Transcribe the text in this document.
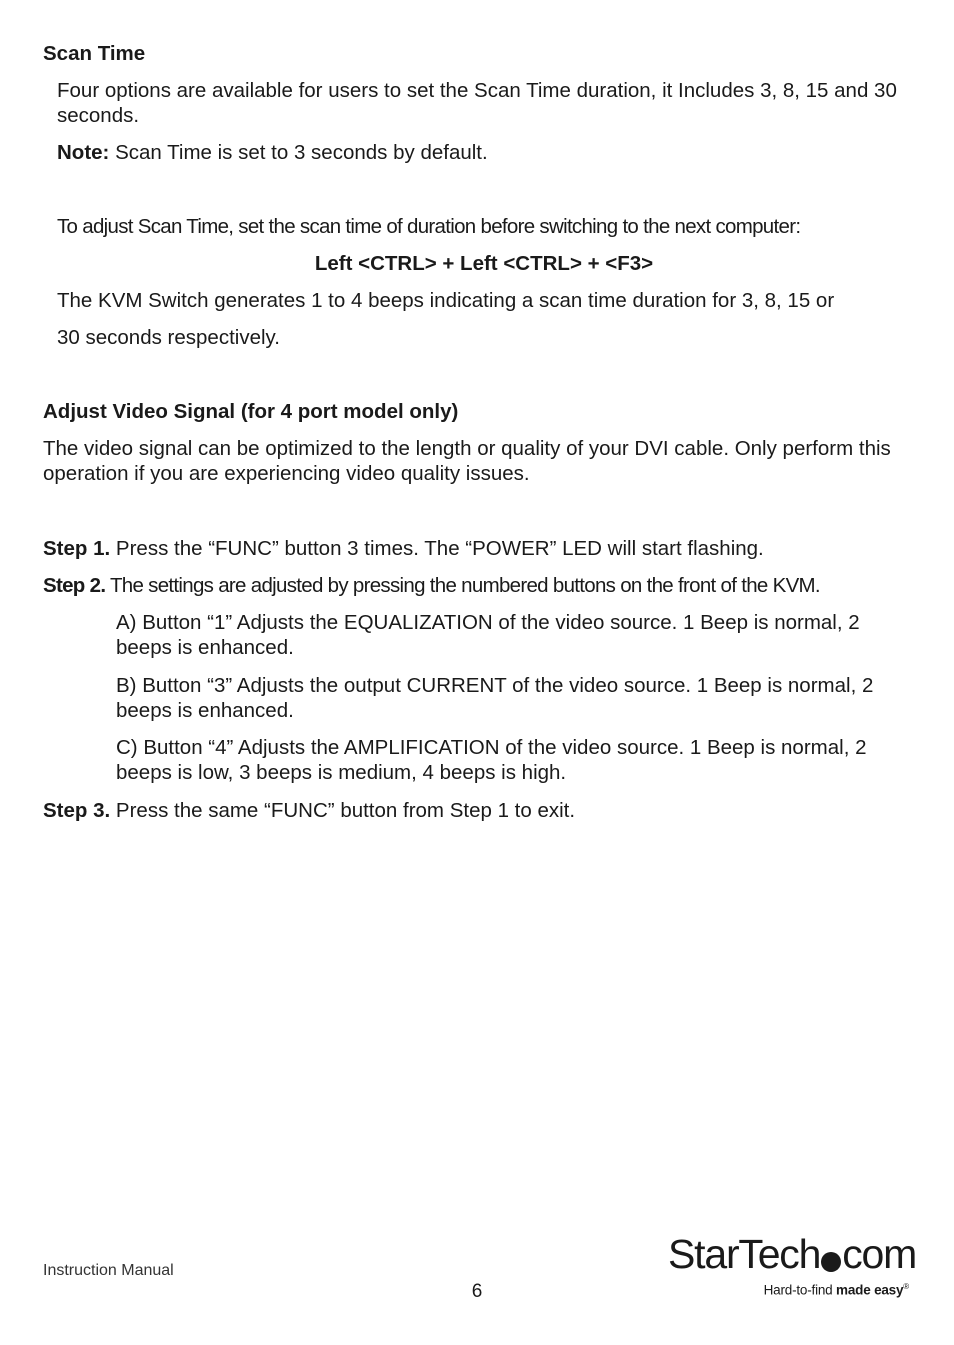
Scan Time

Four options are available for users to set the Scan Time duration, it Includes 3, 8, 15 and 30 seconds.

Note: Scan Time is set to 3 seconds by default.

To adjust Scan Time, set the scan time of duration before switching to the next computer:

Left <CTRL> + Left <CTRL> + <F3>

The KVM Switch generates 1 to 4 beeps indicating a scan time duration for 3, 8, 15 or

30 seconds respectively.

Adjust Video Signal (for 4 port model only)

The video signal can be optimized to the length or quality of your DVI cable. Only perform this operation if you are experiencing video quality issues.

Step 1. Press the “FUNC” button 3 times. The “POWER” LED will start flashing.

Step 2. The settings are adjusted by pressing the numbered buttons on the front of the KVM.

A) Button “1” Adjusts the EQUALIZATION of the video source. 1 Beep is normal, 2 beeps is enhanced.

B) Button “3” Adjusts the output CURRENT of the video source. 1 Beep is normal, 2 beeps is enhanced.

C) Button “4” Adjusts the AMPLIFICATION of the video source. 1 Beep is normal, 2 beeps is low, 3 beeps is medium, 4 beeps is high.

Step 3. Press the same “FUNC” button from Step 1 to exit.

Instruction Manual
6
StarTech com
Hard-to-find made easy®
